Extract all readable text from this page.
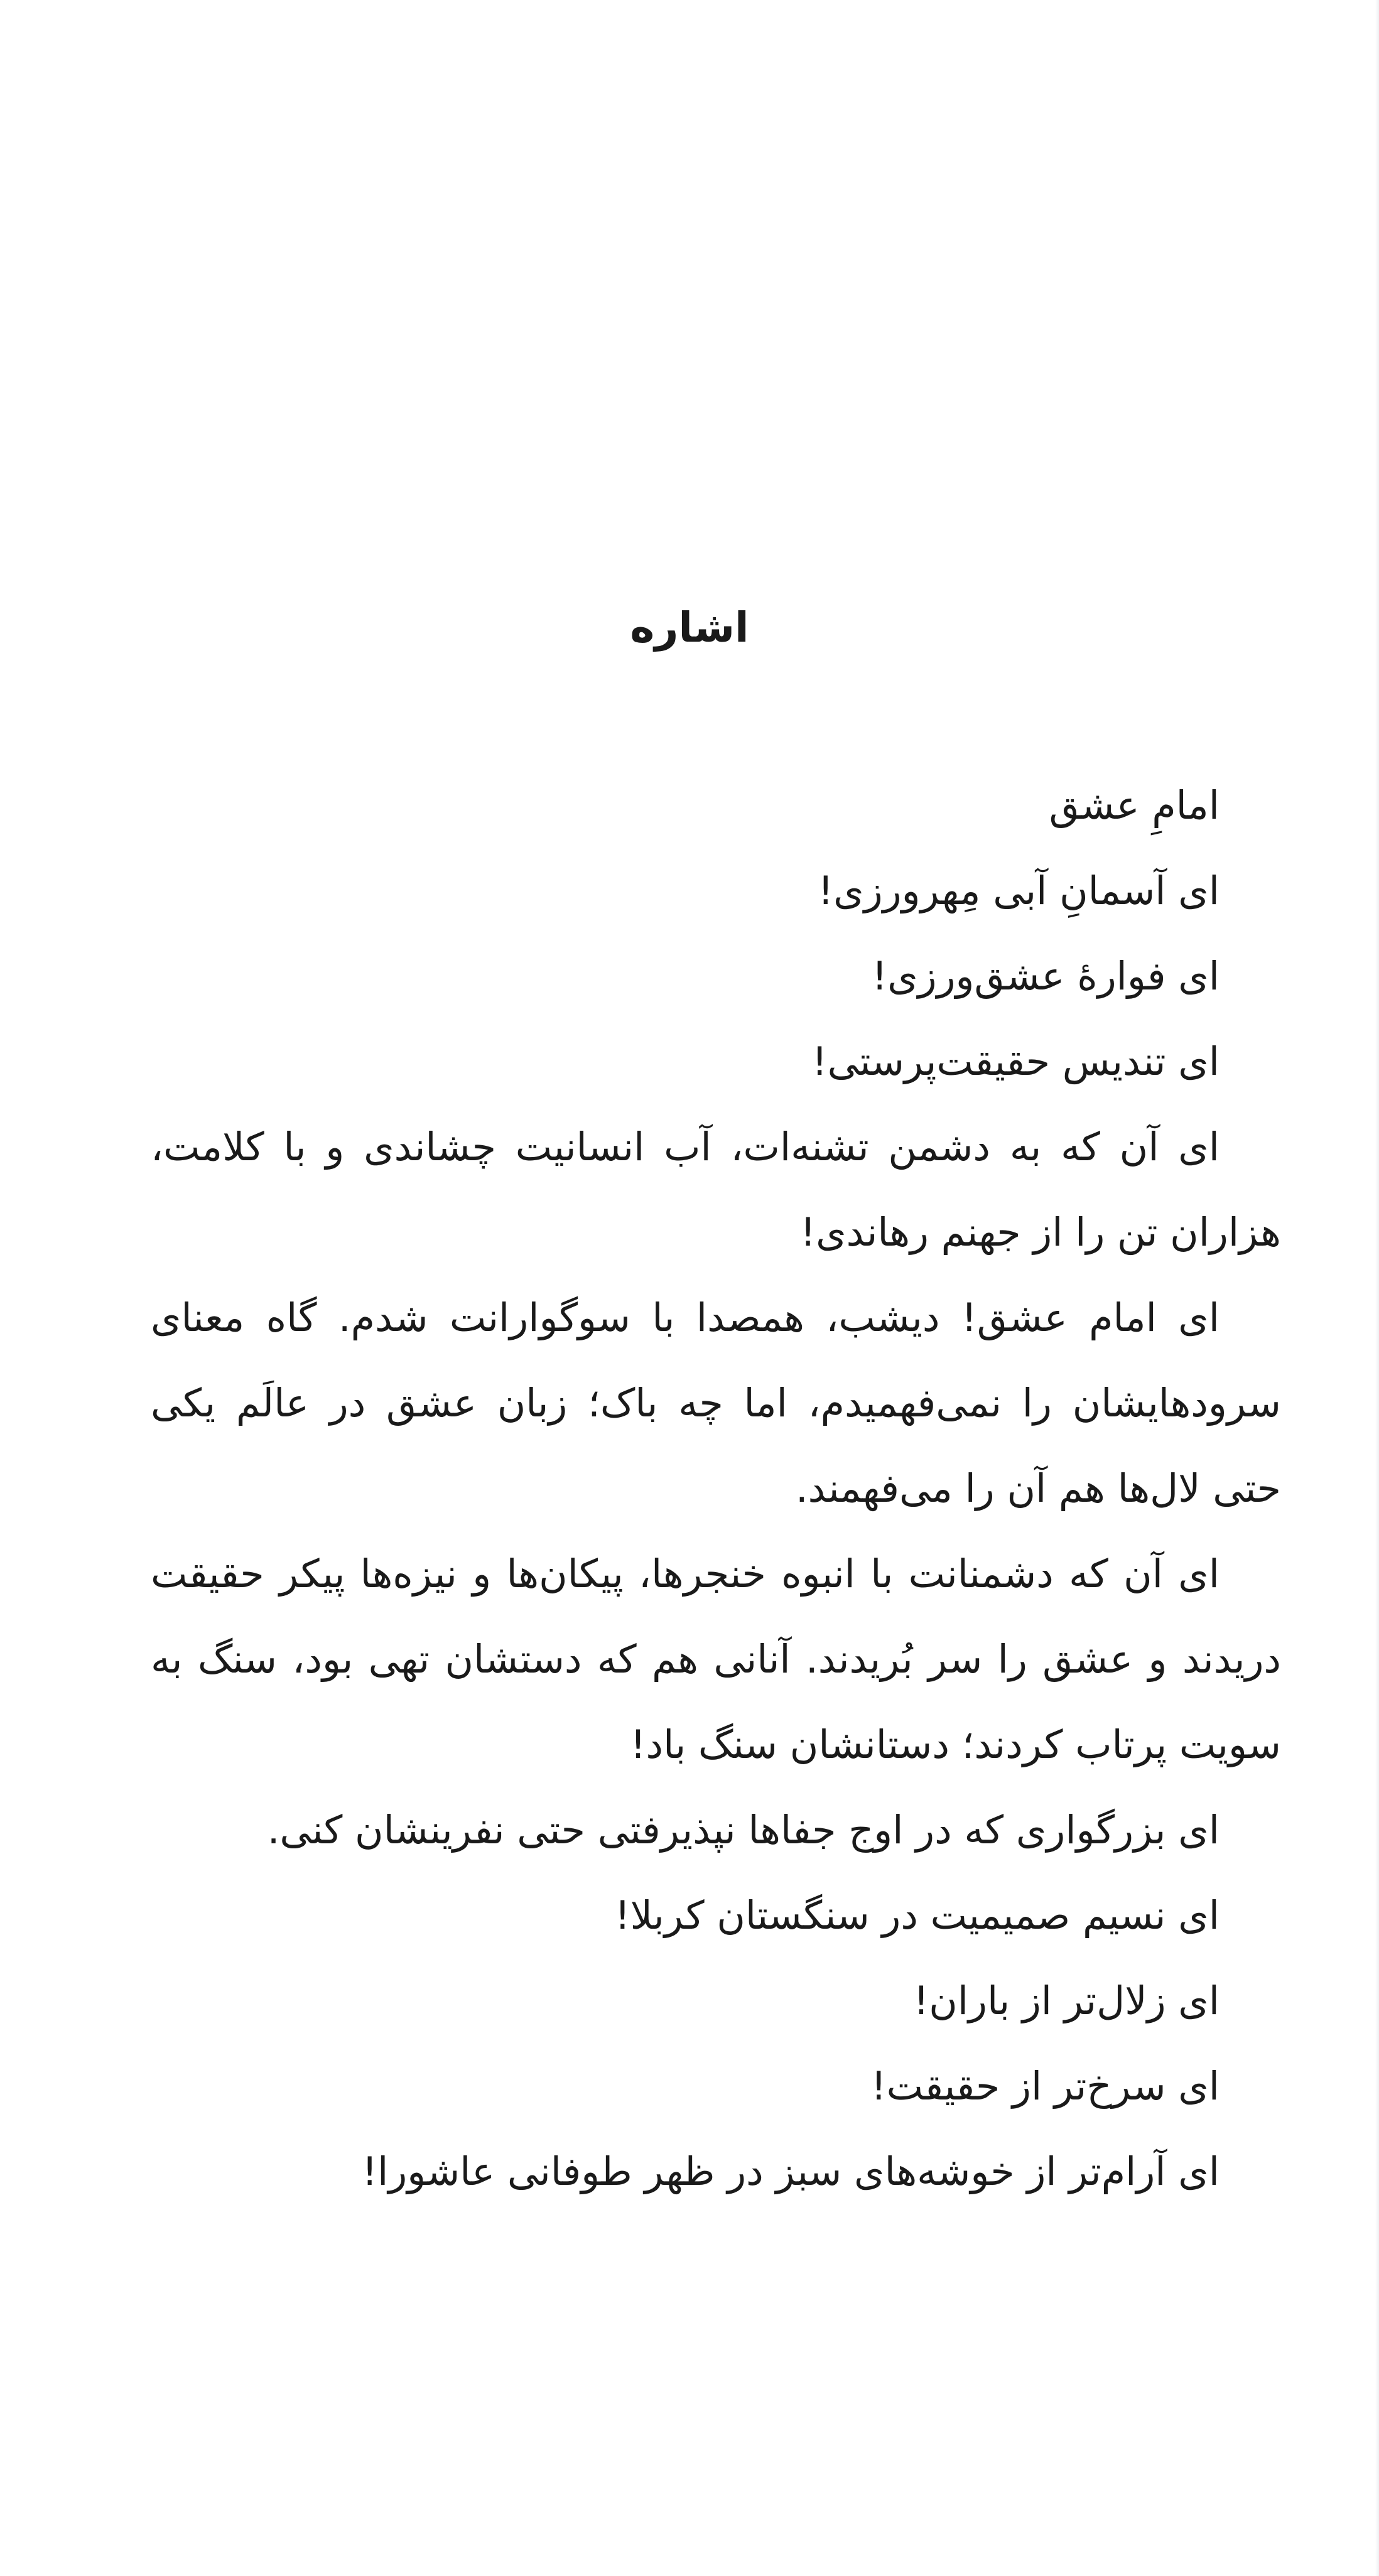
اشاره
امامِ عشق
ای آسمانِ آبی مِهرورزی!
ای فوارهٔ عشق‌ورزی!
ای تندیس حقیقت‌پرستی!
ای آن که به دشمن تشنه‌ات، آب انسانیت چشاندی و با کلامت،
هزاران تن را از جهنم رهاندی!
ای امام عشق! دیشب، همصدا با سوگوارانت شدم. گاه معنای
سرودهایشان را نمی‌فهمیدم، اما چه باک؛ زبان عشق در عالَم یکی
حتی لال‌ها هم آن را می‌فهمند.
ای آن که دشمنانت با انبوه خنجرها، پیکان‌ها و نیزه‌ها پیکر حقیقت
دریدند و عشق را سر بُریدند. آنانی هم که دستشان تهی بود، سنگ به
سویت پرتاب کردند؛ دستانشان سنگ باد!
ای بزرگواری که در اوج جفاها نپذیرفتی حتی نفرینشان کنی.
ای نسیم صمیمیت در سنگستان کربلا!
ای زلال‌تر از باران!
ای سرخ‌تر از حقیقت!
ای آرام‌تر از خوشه‌های سبز در ظهر طوفانی عاشورا!
